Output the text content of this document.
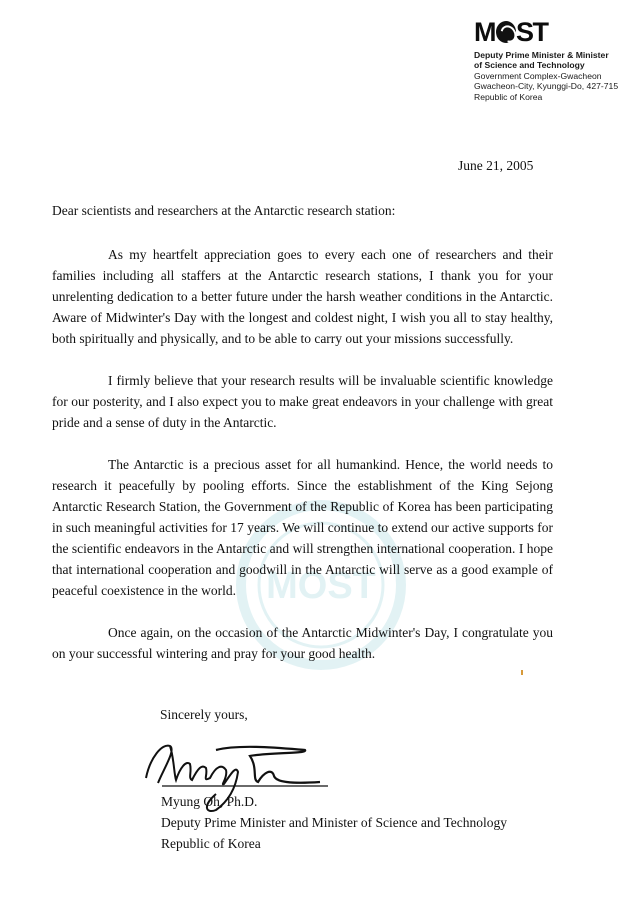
MOST
M ST
Deputy Prime Minister & Minister
of Science and Technology
Government Complex-Gwacheon
Gwacheon-City, Kyunggi-Do, 427-715
Republic of Korea
June 21, 2005
Dear scientists and researchers at the Antarctic research station:

As my heartfelt appreciation goes to every each one of researchers and their families including all staffers at the Antarctic research stations, I thank you for your unrelenting dedication to a better future under the harsh weather conditions in the Antarctic. Aware of Midwinter's Day with the longest and coldest night, I wish you all to stay healthy, both spiritually and physically, and to be able to carry out your missions successfully.

I firmly believe that your research results will be invaluable scientific knowledge for our posterity, and I also expect you to make great endeavors in your challenge with great pride and a sense of duty in the Antarctic.

The Antarctic is a precious asset for all humankind. Hence, the world needs to research it peacefully by pooling efforts. Since the establishment of the King Sejong Antarctic Research Station, the Government of the Republic of Korea has been participating in such meaningful activities for 17 years. We will continue to extend our active supports for the scientific endeavors in the Antarctic and will strengthen international cooperation. I hope that international cooperation and goodwill in the Antarctic will serve as a good example of peaceful coexistence in the world.

Once again, on the occasion of the Antarctic Midwinter's Day, I congratulate you on your successful wintering and pray for your good health.

Sincerely yours,
Myung Oh, Ph.D.
Deputy Prime Minister and Minister of Science and Technology
Republic of Korea
